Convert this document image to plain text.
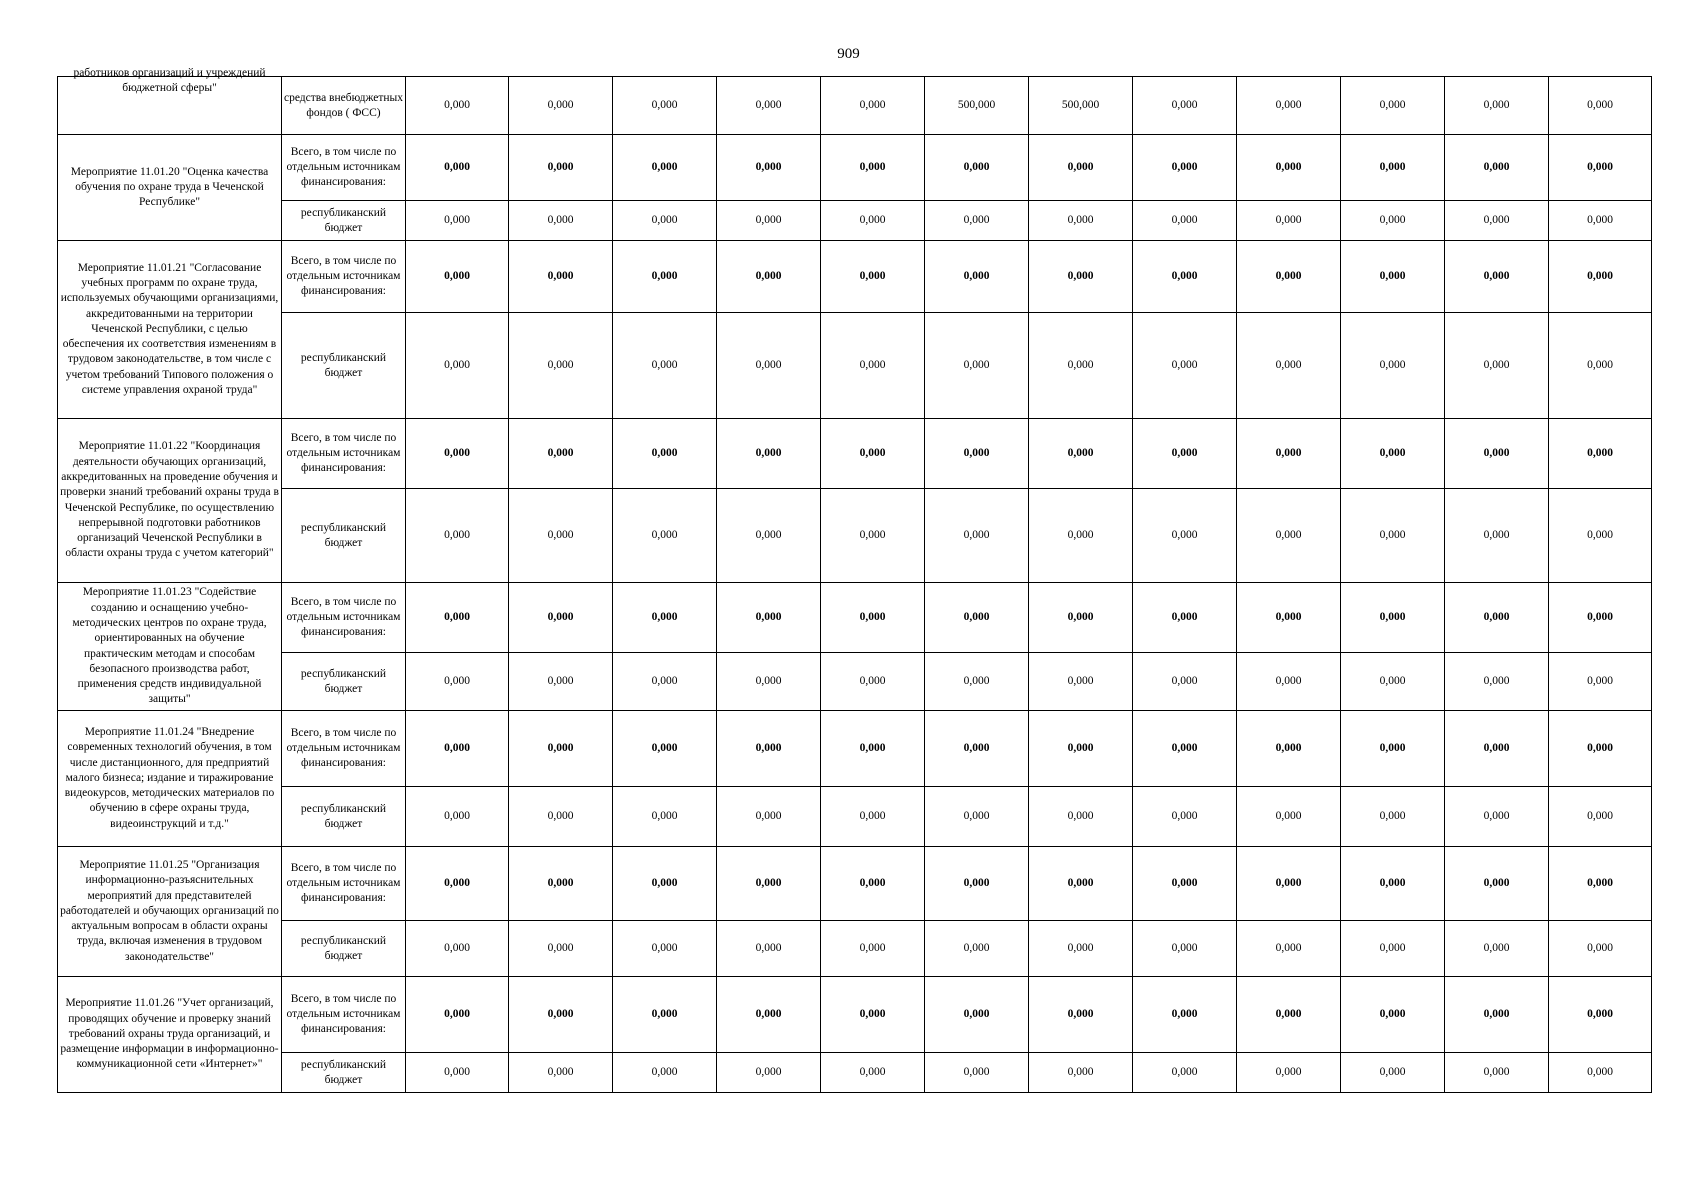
909
работников организаций и учреждений бюджетной сферы"	средства внебюджетных фондов ( ФСС)	0,000	0,000	0,000	0,000	0,000	500,000	500,000	0,000	0,000	0,000	0,000	0,000

Мероприятие 11.01.20 "Оценка качества обучения по охране труда в Чеченской Республике"	Всего, в том числе по отдельным источникам финансирования:	0,000	0,000	0,000	0,000	0,000	0,000	0,000	0,000	0,000	0,000	0,000	0,000
	республиканский бюджет	0,000	0,000	0,000	0,000	0,000	0,000	0,000	0,000	0,000	0,000	0,000	0,000

Мероприятие 11.01.21 "Согласование учебных программ по охране труда, используемых обучающими организациями, аккредитованными на территории Чеченской Республики, с целью обеспечения их соответствия изменениям в трудовом законодательстве, в том числе с учетом требований Типового положения о системе управления охраной труда"	Всего, в том числе по отдельным источникам финансирования:	0,000	0,000	0,000	0,000	0,000	0,000	0,000	0,000	0,000	0,000	0,000	0,000
	республиканский бюджет	0,000	0,000	0,000	0,000	0,000	0,000	0,000	0,000	0,000	0,000	0,000	0,000

Мероприятие 11.01.22 "Координация деятельности обучающих организаций, аккредитованных на проведение обучения и проверки знаний требований охраны труда в Чеченской Республике, по осуществлению непрерывной подготовки работников организаций Чеченской Республики в области охраны труда с учетом категорий"	Всего, в том числе по отдельным источникам финансирования:	0,000	0,000	0,000	0,000	0,000	0,000	0,000	0,000	0,000	0,000	0,000	0,000
	республиканский бюджет	0,000	0,000	0,000	0,000	0,000	0,000	0,000	0,000	0,000	0,000	0,000	0,000

Мероприятие 11.01.23 "Содействие созданию и оснащению учебно-методических центров по охране труда, ориентированных на обучение практическим методам и способам безопасного производства работ, применения средств индивидуальной защиты"	Всего, в том числе по отдельным источникам финансирования:	0,000	0,000	0,000	0,000	0,000	0,000	0,000	0,000	0,000	0,000	0,000	0,000
	республиканский бюджет	0,000	0,000	0,000	0,000	0,000	0,000	0,000	0,000	0,000	0,000	0,000	0,000

Мероприятие 11.01.24 "Внедрение современных технологий обучения, в том числе дистанционного, для предприятий малого бизнеса; издание и тиражирование видеокурсов, методических материалов по обучению в сфере охраны труда, видеоинструкций и т.д."	Всего, в том числе по отдельным источникам финансирования:	0,000	0,000	0,000	0,000	0,000	0,000	0,000	0,000	0,000	0,000	0,000	0,000
	республиканский бюджет	0,000	0,000	0,000	0,000	0,000	0,000	0,000	0,000	0,000	0,000	0,000	0,000

Мероприятие 11.01.25 "Организация информационно-разъяснительных мероприятий для представителей работодателей и обучающих организаций по актуальным вопросам в области охраны труда, включая изменения в трудовом законодательстве"	Всего, в том числе по отдельным источникам финансирования:	0,000	0,000	0,000	0,000	0,000	0,000	0,000	0,000	0,000	0,000	0,000	0,000
	республиканский бюджет	0,000	0,000	0,000	0,000	0,000	0,000	0,000	0,000	0,000	0,000	0,000	0,000

Мероприятие 11.01.26 "Учет организаций, проводящих обучение и проверку знаний требований охраны труда организаций, и размещение информации в информационно-коммуникационной сети «Интернет»"	Всего, в том числе по отдельным источникам финансирования:	0,000	0,000	0,000	0,000	0,000	0,000	0,000	0,000	0,000	0,000	0,000	0,000
	республиканский бюджет	0,000	0,000	0,000	0,000	0,000	0,000	0,000	0,000	0,000	0,000	0,000	0,000
